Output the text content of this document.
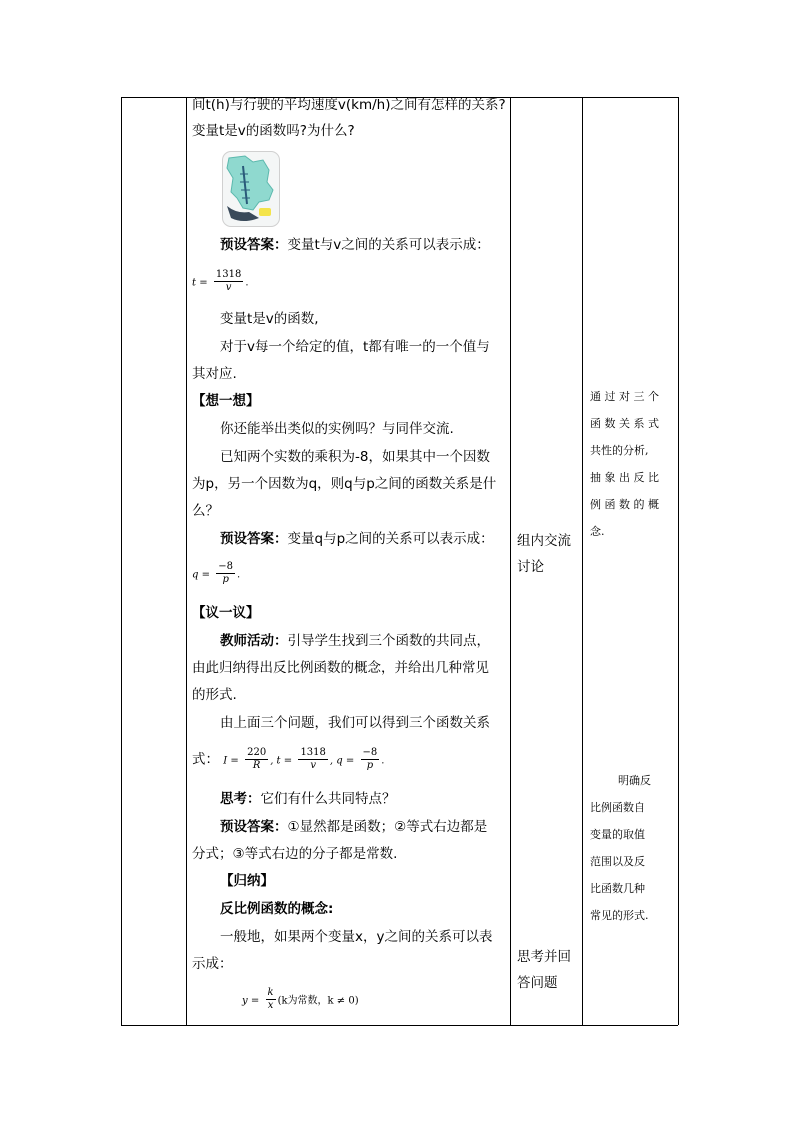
间t(h)与行驶的平均速度v(km/h)之间有怎样的关系?
变量t是v的函数吗?为什么?
预设答案：变量t与v之间的关系可以表示成：
$t = \frac{1318}{v}$ .
变量t是v的函数,
对于v每一个给定的值，t都有唯一的一个值与
其对应.
【想一想】
你还能举出类似的实例吗？与同伴交流.
已知两个实数的乘积为-8，如果其中一个因数
为p，另一个因数为q，则q与p之间的函数关系是什
么？
预设答案：变量q与p之间的关系可以表示成：
$q = \frac{-8}{p}$ .
【议一议】
教师活动：引导学生找到三个函数的共同点，
由此归纳得出反比例函数的概念，并给出几种常见
的形式.
由上面三个问题，我们可以得到三个函数关系
式： $I = \frac{220}{R}$ , $t = \frac{1318}{v}$ , $q = \frac{-8}{p}$ .
思考：它们有什么共同特点？
预设答案：①显然都是函数；②等式右边都是
分式；③等式右边的分子都是常数.
【归纳】
反比例函数的概念:
一般地，如果两个变量x，y之间的关系可以表
示成：
$y = \frac{k}{x} (k$为常数，k ≠ 0)
组内交流
讨论
思考并回
答问题
通 过 对 三 个
函 数 关 系 式
共性的分析,
抽 象 出 反 比
例 函 数 的 概
念.
明确反
比例函数自
变量的取值
范围以及反
比函数几种
常见的形式.
